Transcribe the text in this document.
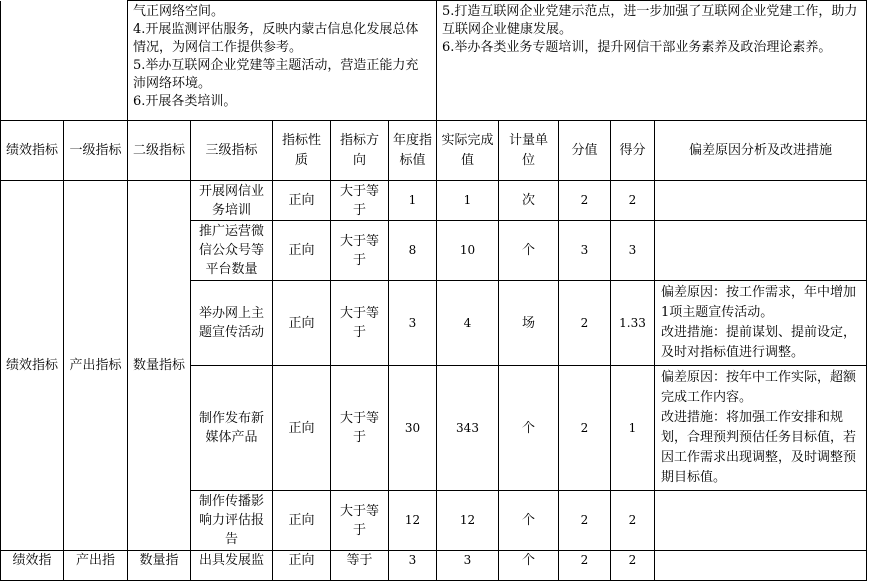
		气正网络空间。
4.开展监测评估服务，反映内蒙古信息化发展总体情况，为网信工作提供参考。
5.举办互联网企业党建等主题活动，营造正能力充沛网络环境。
6.开展各类培训。					5.打造互联网企业党建示范点，进一步加强了互联网企业党建工作，助力互联网企业健康发展。
6.举办各类业务专题培训，提升网信干部业务素养及政治理论素养。				
绩效指标	一级指标	二级指标	三级指标	指标性质	指标方向	年度指标值	实际完成值	计量单位	分值	得分	偏差原因分析及改进措施
绩效指标	产出指标	数量指标	开展网信业务培训	正向	大于等于	1	1	次	2	2	
			推广运营微信公众号等平台数量	正向	大于等于	8	10	个	3	3	
			举办网上主题宣传活动	正向	大于等于	3	4	场	2	1.33	偏差原因：按工作需求，年中增加1项主题宣传活动。
改进措施：提前谋划、提前设定，及时对指标值进行调整。
			制作发布新媒体产品	正向	大于等于	30	343	个	2	1	偏差原因：按年中工作实际，超额完成工作内容。
改进措施：将加强工作安排和规划，合理预判预估任务目标值，若因工作需求出现调整，及时调整预期目标值。
			制作传播影响力评估报告	正向	大于等于	12	12	个	2	2	
绩效指	产出指	数量指	出具发展监	正向	等于	3	3	个	2	2	
